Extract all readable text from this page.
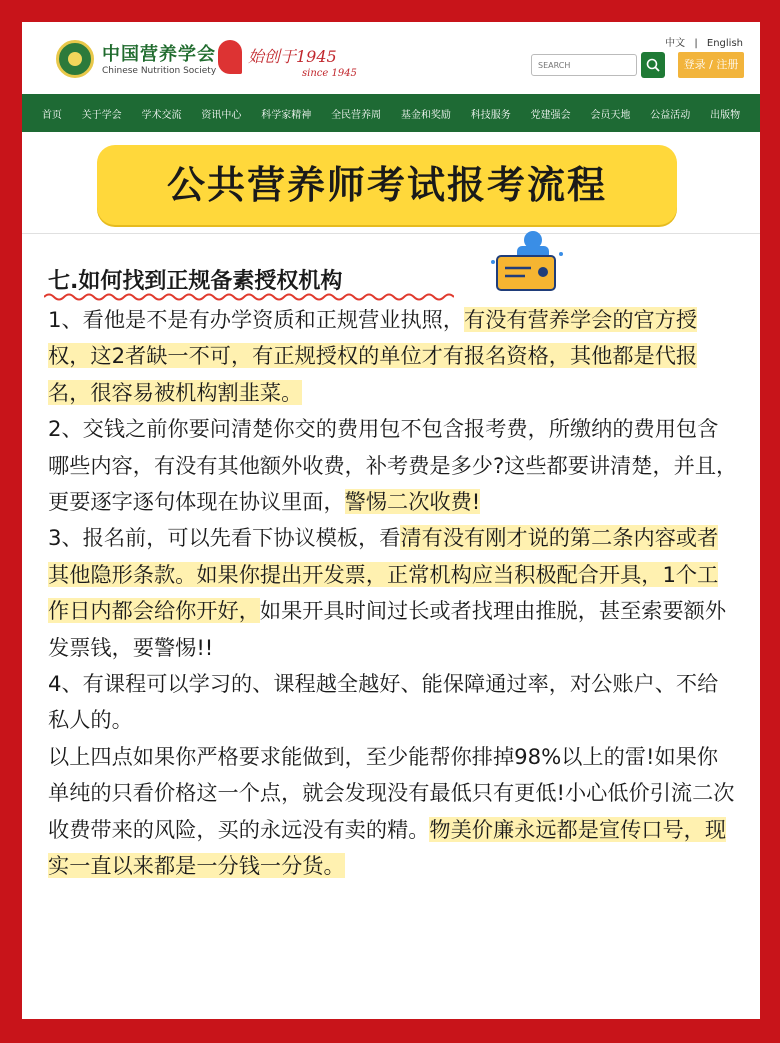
中国营养学会
Chinese Nutrition Society
始创于1945
since 1945
中文 | English
SEARCH
登录 / 注册
首页 关于学会 学术交流 资讯中心 科学家精神 全民营养周 基金和奖励 科技服务 党建强会 会员天地 公益活动 出版物
公共营养师考试报考流程
七.如何找到正规备素授权机构

1、看他是不是有办学资质和正规营业执照，有没有营养学会的官方授权，这2者缺一不可，有正规授权的单位才有报名资格，其他都是代报名，很容易被机构割韭菜。

2、交钱之前你要问清楚你交的费用包不包含报考费，所缴纳的费用包含哪些内容，有没有其他额外收费，补考费是多少?这些都要讲清楚，并且，更要逐字逐句体现在协议里面，警惕二次收费!

3、报名前，可以先看下协议模板，看清有没有刚才说的第二条内容或者其他隐形条款。如果你提出开发票，正常机构应当积极配合开具，1个工作日内都会给你开好，如果开具时间过长或者找理由推脱，甚至索要额外发票钱，要警惕!!

4、有课程可以学习的、课程越全越好、能保障通过率，对公账户、不给私人的。

以上四点如果你严格要求能做到，至少能帮你排掉98%以上的雷!如果你单纯的只看价格这一个点，就会发现没有最低只有更低!小心低价引流二次收费带来的风险，买的永远没有卖的精。物美价廉永远都是宣传口号，现实一直以来都是一分钱一分货。
